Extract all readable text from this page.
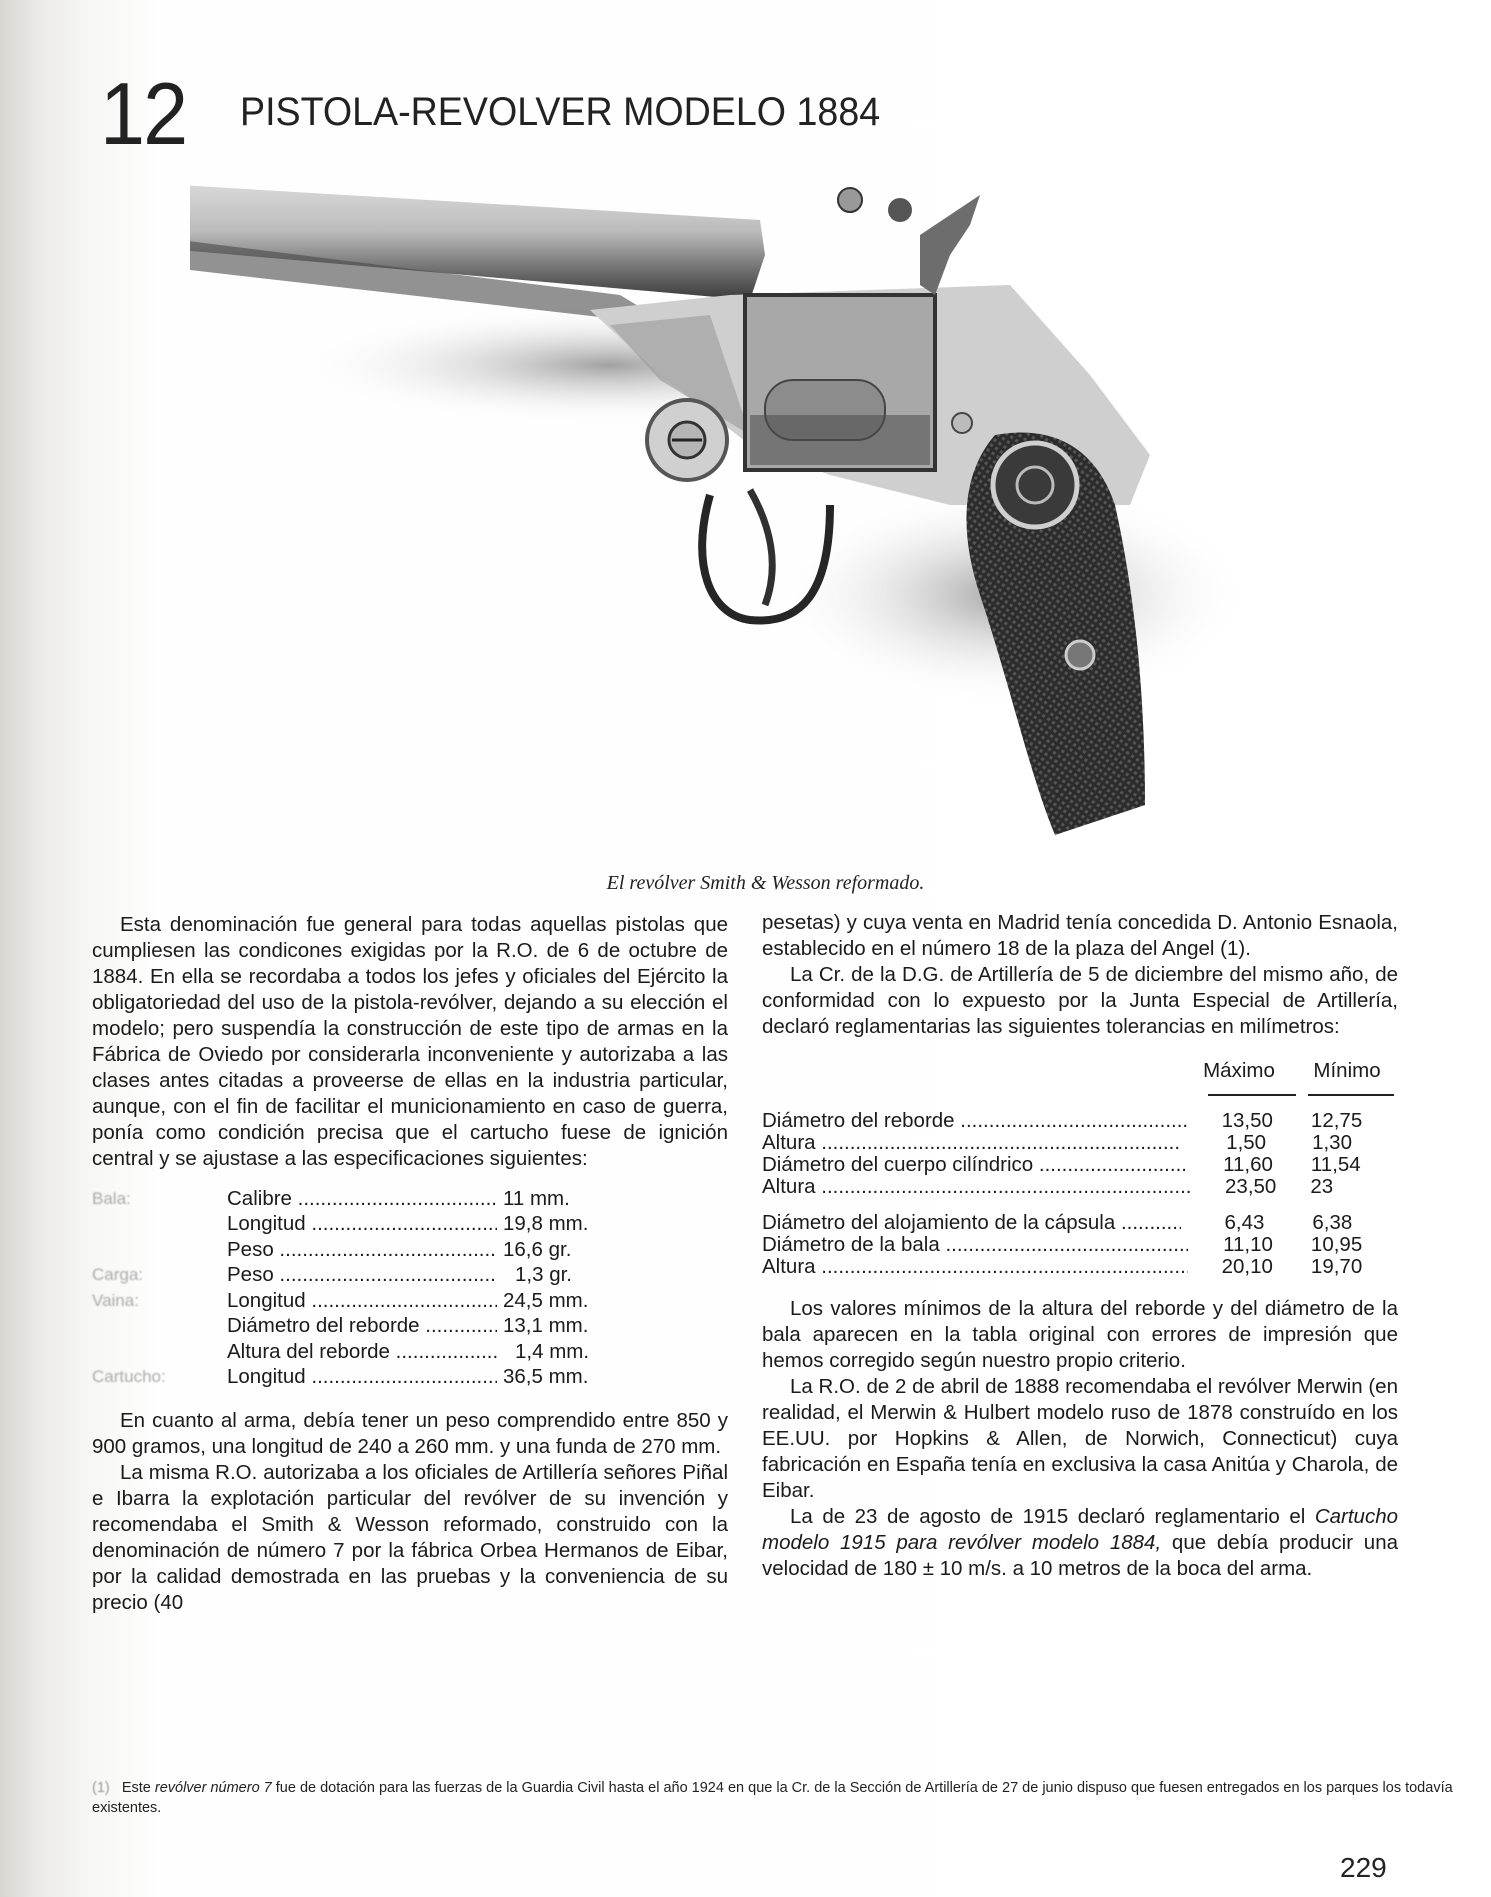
12 PISTOLA-REVOLVER MODELO 1884
El revólver Smith & Wesson reformado.

Esta denominación fue general para todas aquellas pistolas que cumpliesen las condicones exigidas por la R.O. de 6 de octubre de 1884. En ella se recordaba a todos los jefes y oficiales del Ejército la obligatoriedad del uso de la pistola-revólver, dejando a su elección el modelo; pero suspendía la construcción de este tipo de armas en la Fábrica de Oviedo por considerarla inconveniente y autorizaba a las clases antes citadas a proveerse de ellas en la industria particular, aunque, con el fin de facilitar el municionamiento en caso de guerra, ponía como condición precisa que el cartucho fuese de ignición central y se ajustase a las especificaciones siguientes:

Bala:	Calibre .....	11 mm.
Longitud .....	19,8 mm.
Peso .....	16,6 gr.
Carga:	Peso .....	1,3 gr.
Vaina:	Longitud .....	24,5 mm.
Diámetro del reborde .....	13,1 mm.
Altura del reborde .....	1,4 mm.
Cartucho:	Longitud .....	36,5 mm.

En cuanto al arma, debía tener un peso comprendido entre 850 y 900 gramos, una longitud de 240 a 260 mm. y una funda de 270 mm.

La misma R.O. autorizaba a los oficiales de Artillería señores Piñal e Ibarra la explotación particular del revólver de su invención y recomendaba el Smith & Wesson reformado, construido con la denominación de número 7 por la fábrica Orbea Hermanos de Eibar, por la calidad demostrada en las pruebas y la conveniencia de su precio (40

pesetas) y cuya venta en Madrid tenía concedida D. Antonio Esnaola, establecido en el número 18 de la plaza del Angel (1).

La Cr. de la D.G. de Artillería de 5 de diciembre del mismo año, de conformidad con lo expuesto por la Junta Especial de Artillería, declaró reglamentarias las siguientes tolerancias en milímetros:

Máximo	Mínimo
Diámetro del reborde .....	13,50	12,75
Altura .....	1,50	1,30
Diámetro del cuerpo cilíndrico .....	11,60	11,54
Altura .....	23,50	23
Diámetro del alojamiento de la cápsula .....	6,43	6,38
Diámetro de la bala .....	11,10	10,95
Altura .....	20,10	19,70

Los valores mínimos de la altura del reborde y del diámetro de la bala aparecen en la tabla original con errores de impresión que hemos corregido según nuestro propio criterio.

La R.O. de 2 de abril de 1888 recomendaba el revólver Merwin (en realidad, el Merwin & Hulbert modelo ruso de 1878 construído en los EE.UU. por Hopkins & Allen, de Norwich, Connecticut) cuya fabricación en España tenía en exclusiva la casa Anitúa y Charola, de Eibar.

La de 23 de agosto de 1915 declaró reglamentario el Cartucho modelo 1915 para revólver modelo 1884, que debía producir una velocidad de 180 ± 10 m/s. a 10 metros de la boca del arma.

(1) Este revólver número 7 fue de dotación para las fuerzas de la Guardia Civil hasta el año 1924 en que la Cr. de la Sección de Artillería de 27 de junio dispuso que fuesen entregados en los parques los todavía existentes.
229
